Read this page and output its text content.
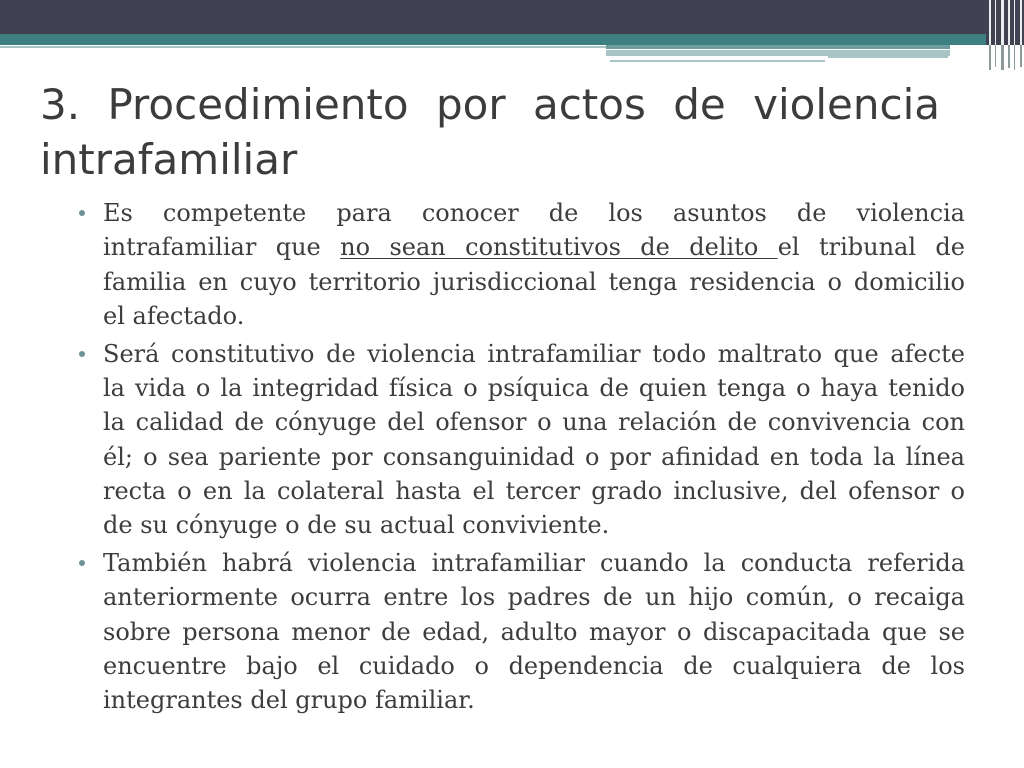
3. Procedimiento por actos de violencia intrafamiliar
Es competente para conocer de los asuntos de violencia
intrafamiliar que no sean constitutivos de delito el tribunal de
familia en cuyo territorio jurisdiccional tenga residencia o domicilio
el afectado.
Será constitutivo de violencia intrafamiliar todo maltrato que afecte
la vida o la integridad física o psíquica de quien tenga o haya tenido
la calidad de cónyuge del ofensor o una relación de convivencia con
él; o sea pariente por consanguinidad o por afinidad en toda la línea
recta o en la colateral hasta el tercer grado inclusive, del ofensor o
de su cónyuge o de su actual conviviente.
También habrá violencia intrafamiliar cuando la conducta referida
anteriormente ocurra entre los padres de un hijo común, o recaiga
sobre persona menor de edad, adulto mayor o discapacitada que se
encuentre bajo el cuidado o dependencia de cualquiera de los
integrantes del grupo familiar.
